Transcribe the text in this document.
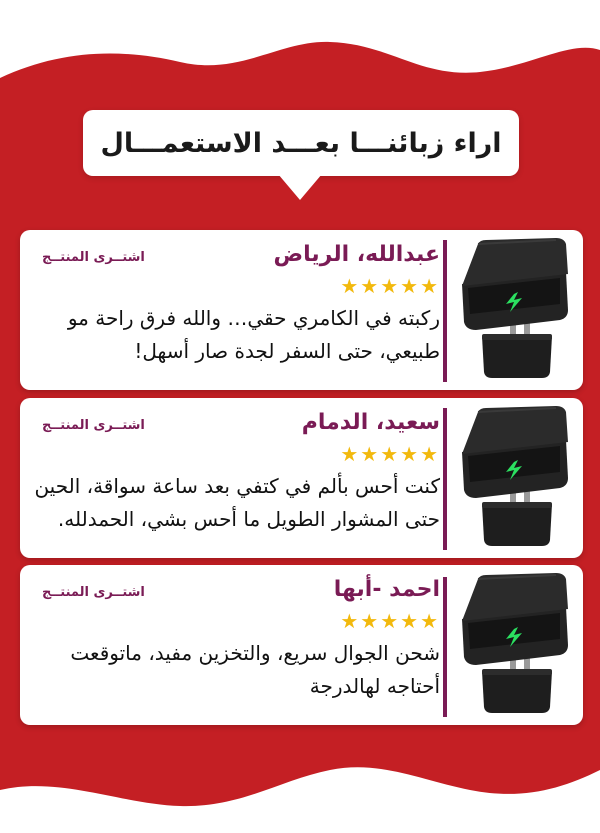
اراء زبائنـــا بعـــد الاستعمـــال
عبدالله، الرياض
اشتــرى المنتــج
★★★★★
ركبته في الكامري حقي… والله فرق راحة مو طبيعي، حتى السفر لجدة صار أسهل!
سعيد، الدمام
اشتــرى المنتــج
★★★★★
كنت أحس بألم في كتفي بعد ساعة سواقة، الحين حتى المشوار الطويل ما أحس بشي، الحمدلله.
احمد -أبها
اشتــرى المنتــج
★★★★★
شحن الجوال سريع، والتخزين مفيد، ماتوقعت أحتاجه لهالدرجة
